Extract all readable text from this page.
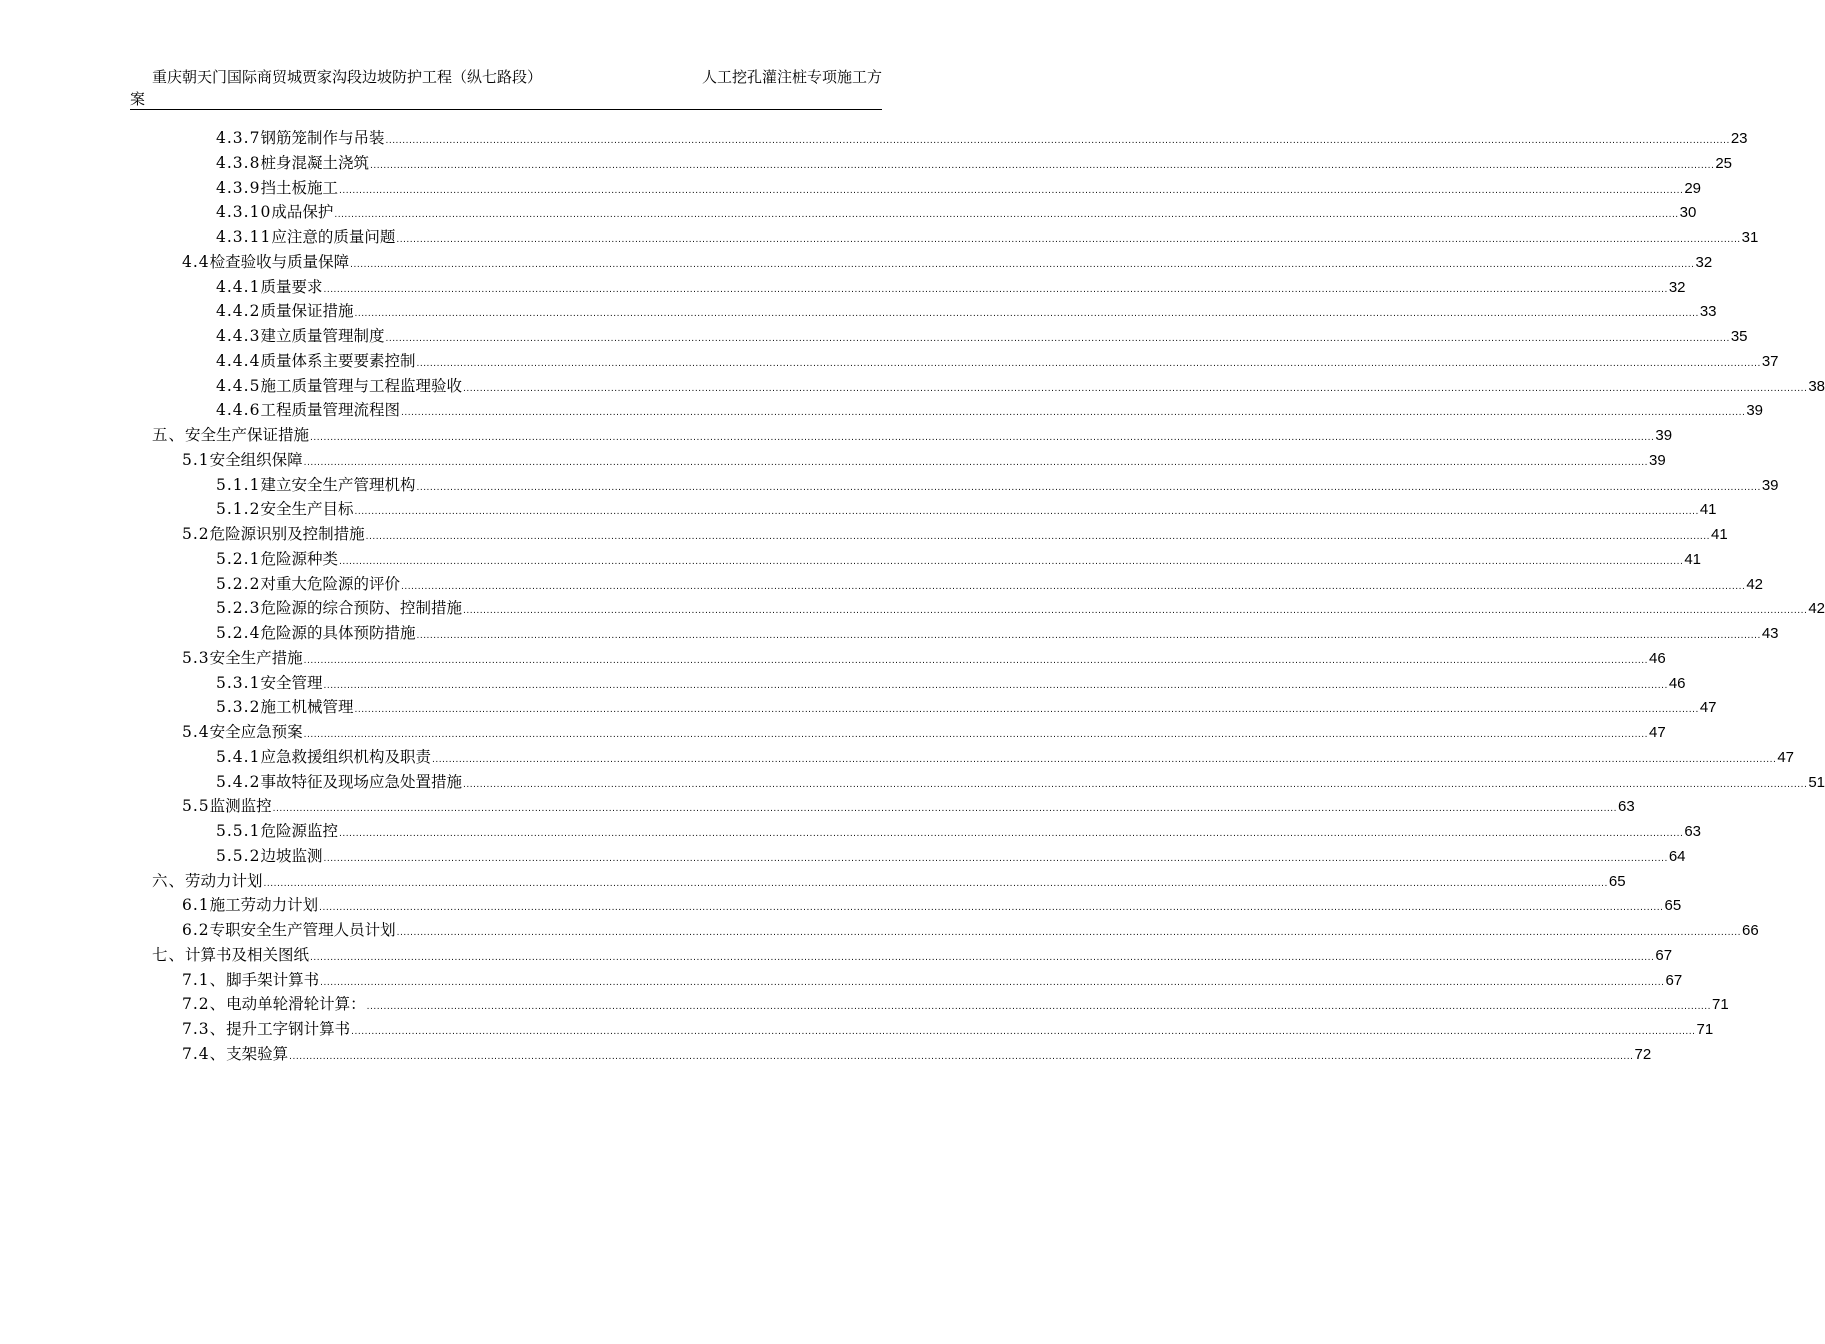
重庆朝天门国际商贸城贾家沟段边坡防护工程（纵七路段）	人工挖孔灌注桩专项施工方
案
4.3.7 钢筋笼制作与吊装 ................................................................................................................................................................................................................................................................................................................................................................................................................ 23
4.3.8 桩身混凝土浇筑 ................................................................................................................................................................................................................................................................................................................................................................................................................ 25
4.3.9 挡土板施工 ................................................................................................................................................................................................................................................................................................................................................................................................................ 29
4.3.10 成品保护 ................................................................................................................................................................................................................................................................................................................................................................................................................ 30
4.3.11 应注意的质量问题 ................................................................................................................................................................................................................................................................................................................................................................................................................ 31
4.4 检查验收与质量保障 ................................................................................................................................................................................................................................................................................................................................................................................................................ 32
4.4.1 质量要求 ................................................................................................................................................................................................................................................................................................................................................................................................................ 32
4.4.2 质量保证措施 ................................................................................................................................................................................................................................................................................................................................................................................................................ 33
4.4.3 建立质量管理制度 ................................................................................................................................................................................................................................................................................................................................................................................................................ 35
4.4.4 质量体系主要要素控制 ................................................................................................................................................................................................................................................................................................................................................................................................................ 37
4.4.5 施工质量管理与工程监理验收 ................................................................................................................................................................................................................................................................................................................................................................................................................ 38
4.4.6 工程质量管理流程图 ................................................................................................................................................................................................................................................................................................................................................................................................................ 39
五、 安全生产保证措施 ................................................................................................................................................................................................................................................................................................................................................................................................................ 39
5.1 安全组织保障 ................................................................................................................................................................................................................................................................................................................................................................................................................ 39
5.1.1 建立安全生产管理机构 ................................................................................................................................................................................................................................................................................................................................................................................................................ 39
5.1.2 安全生产目标 ................................................................................................................................................................................................................................................................................................................................................................................................................ 41
5.2 危险源识别及控制措施 ................................................................................................................................................................................................................................................................................................................................................................................................................ 41
5.2.1 危险源种类 ................................................................................................................................................................................................................................................................................................................................................................................................................ 41
5.2.2 对重大危险源的评价 ................................................................................................................................................................................................................................................................................................................................................................................................................ 42
5.2.3 危险源的综合预防、控制措施 ................................................................................................................................................................................................................................................................................................................................................................................................................ 42
5.2.4 危险源的具体预防措施 ................................................................................................................................................................................................................................................................................................................................................................................................................ 43
5.3 安全生产措施 ................................................................................................................................................................................................................................................................................................................................................................................................................ 46
5.3.1 安全管理 ................................................................................................................................................................................................................................................................................................................................................................................................................ 46
5.3.2 施工机械管理 ................................................................................................................................................................................................................................................................................................................................................................................................................ 47
5.4 安全应急预案 ................................................................................................................................................................................................................................................................................................................................................................................................................ 47
5.4.1 应急救援组织机构及职责 ................................................................................................................................................................................................................................................................................................................................................................................................................ 47
5.4.2 事故特征及现场应急处置措施 ................................................................................................................................................................................................................................................................................................................................................................................................................ 51
5.5 监测监控 ................................................................................................................................................................................................................................................................................................................................................................................................................ 63
5.5.1 危险源监控 ................................................................................................................................................................................................................................................................................................................................................................................................................ 63
5.5.2 边坡监测 ................................................................................................................................................................................................................................................................................................................................................................................................................ 64
六、 劳动力计划 ................................................................................................................................................................................................................................................................................................................................................................................................................ 65
6.1 施工劳动力计划 ................................................................................................................................................................................................................................................................................................................................................................................................................ 65
6.2 专职安全生产管理人员计划 ................................................................................................................................................................................................................................................................................................................................................................................................................ 66
七、 计算书及相关图纸 ................................................................................................................................................................................................................................................................................................................................................................................................................ 67
7.1、 脚手架计算书 ................................................................................................................................................................................................................................................................................................................................................................................................................ 67
7.2、 电动单轮滑轮计算： ................................................................................................................................................................................................................................................................................................................................................................................................................ 71
7.3、 提升工字钢计算书 ................................................................................................................................................................................................................................................................................................................................................................................................................ 71
7.4、 支架验算 ................................................................................................................................................................................................................................................................................................................................................................................................................ 72
